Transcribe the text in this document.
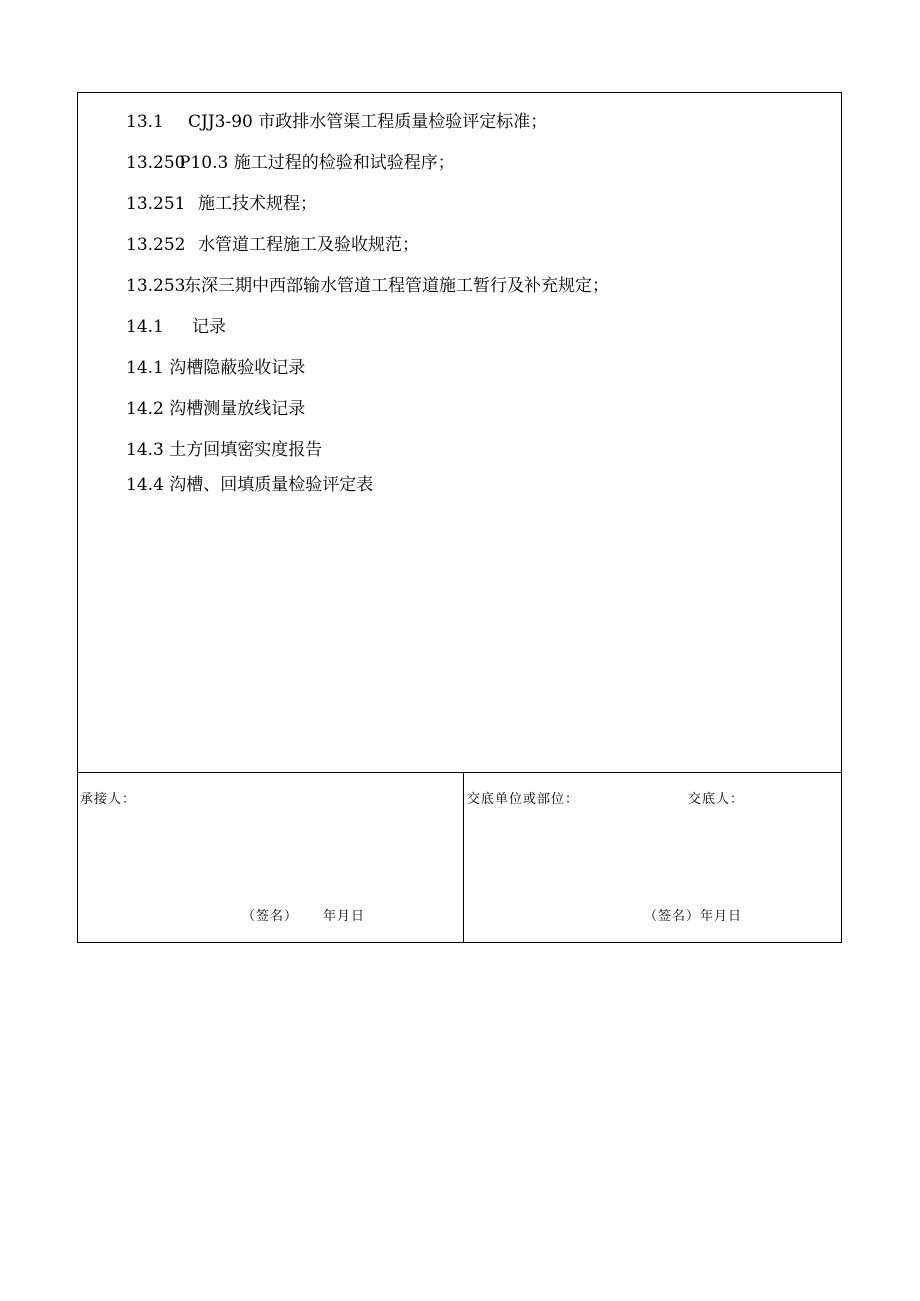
13.1 CJJ3-90 市政排水管渠工程质量检验评定标准；
13.250P10.3 施工过程的检验和试验程序；
13.251 施工技术规程；
13.252 水管道工程施工及验收规范；
13.253东深三期中西部输水管道工程管道施工暂行及补充规定；
14.1 记录
14.1 沟槽隐蔽验收记录
14.2 沟槽测量放线记录
14.3 土方回填密实度报告
14.4 沟槽、回填质量检验评定表
承接人：
（签名） 年月日
交底单位或部位：	交底人：
（签名）年月日
